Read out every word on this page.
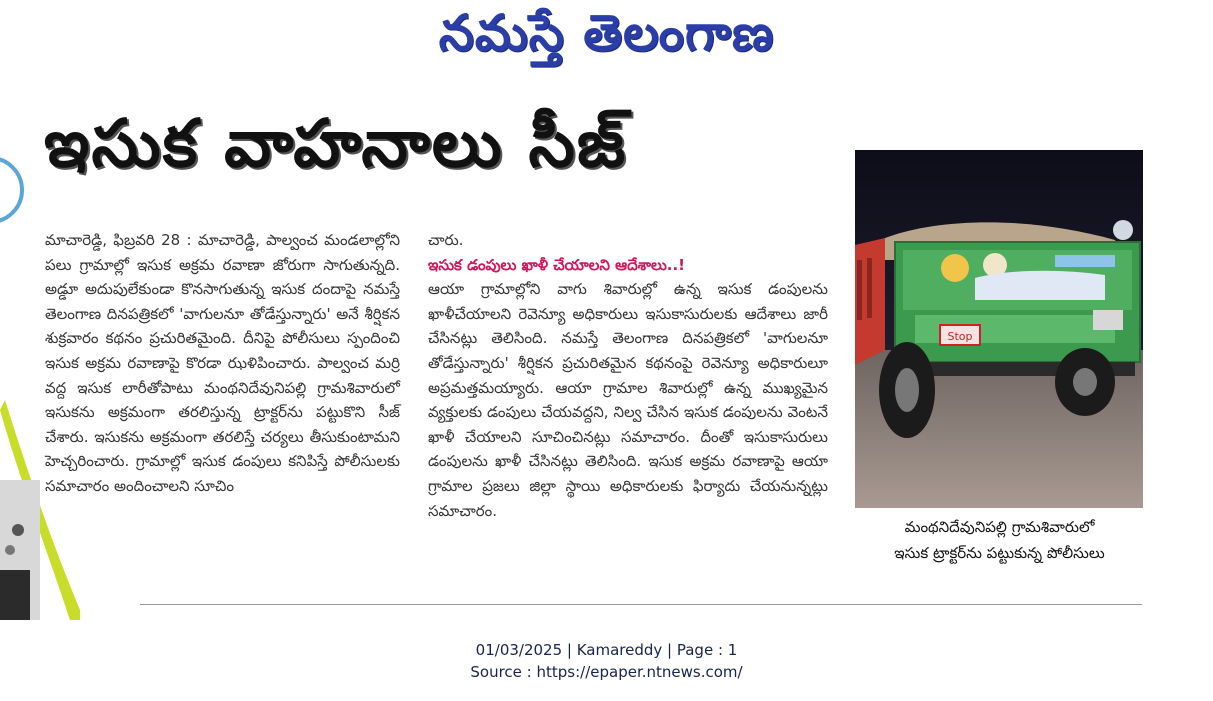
నమస్తే తెలంగాణ
ఇసుక వాహనాలు సీజ్

మాచారెడ్డి, ఫిబ్రవరి 28 : మాచారెడ్డి, పాల్వంచ మండలాల్లోని పలు గ్రామాల్లో ఇసుక అక్రమ రవాణా జోరుగా సాగుతున్నది. అడ్డూ అదుపులేకుండా కొనసాగుతున్న ఇసుక దందాపై నమస్తే తెలంగాణ దినపత్రికలో 'వాగులనూ తోడేస్తున్నారు' అనే శీర్షికన శుక్రవారం కథనం ప్రచురితమైంది. దీనిపై పోలీసులు స్పందించి ఇసుక అక్రమ రవాణాపై కొరడా ఝళిపించారు. పాల్వంచ మర్రి వద్ద ఇసుక లారీతోపాటు మంథనిదేవునిపల్లి గ్రామశివారులో ఇసుకను అక్రమంగా తరలిస్తున్న ట్రాక్టర్‌ను పట్టుకొని సీజ్ చేశారు. ఇసుకను అక్రమంగా తరలిస్తే చర్యలు తీసుకుంటామని హెచ్చరించారు. గ్రామాల్లో ఇసుక డంపులు కనిపిస్తే పోలీసులకు సమాచారం అందించాలని సూచిం

చారు.

ఇసుక డంపులు ఖాళీ చేయాలని ఆదేశాలు..!

ఆయా గ్రామాల్లోని వాగు శివారుల్లో ఉన్న ఇసుక డంపులను ఖాళీచేయాలని రెవెన్యూ అధికారులు ఇసుకాసురులకు ఆదేశాలు జారీ చేసినట్లు తెలిసింది. నమస్తే తెలంగాణ దినపత్రికలో 'వాగులనూ తోడేస్తున్నారు' శీర్షికన ప్రచురితమైన కథనంపై రెవెన్యూ అధికారులూ అప్రమత్తమయ్యారు. ఆయా గ్రామాల శివారుల్లో ఉన్న ముఖ్యమైన వ్యక్తులకు డంపులు చేయవద్దని, నిల్వ చేసిన ఇసుక డంపులను వెంటనే ఖాళీ చేయాలని సూచించినట్లు సమాచారం. దీంతో ఇసుకాసురులు డంపులను ఖాళీ చేసినట్లు తెలిసింది. ఇసుక అక్రమ రవాణాపై ఆయా గ్రామాల ప్రజలు జిల్లా స్థాయి అధికారులకు ఫిర్యాదు చేయనున్నట్లు సమాచారం.

Stop
మంథనిదేవునిపల్లి గ్రామశివారులో
ఇసుక ట్రాక్టర్‌ను పట్టుకున్న పోలీసులు
01/03/2025 | Kamareddy | Page : 1
Source : https://epaper.ntnews.com/
